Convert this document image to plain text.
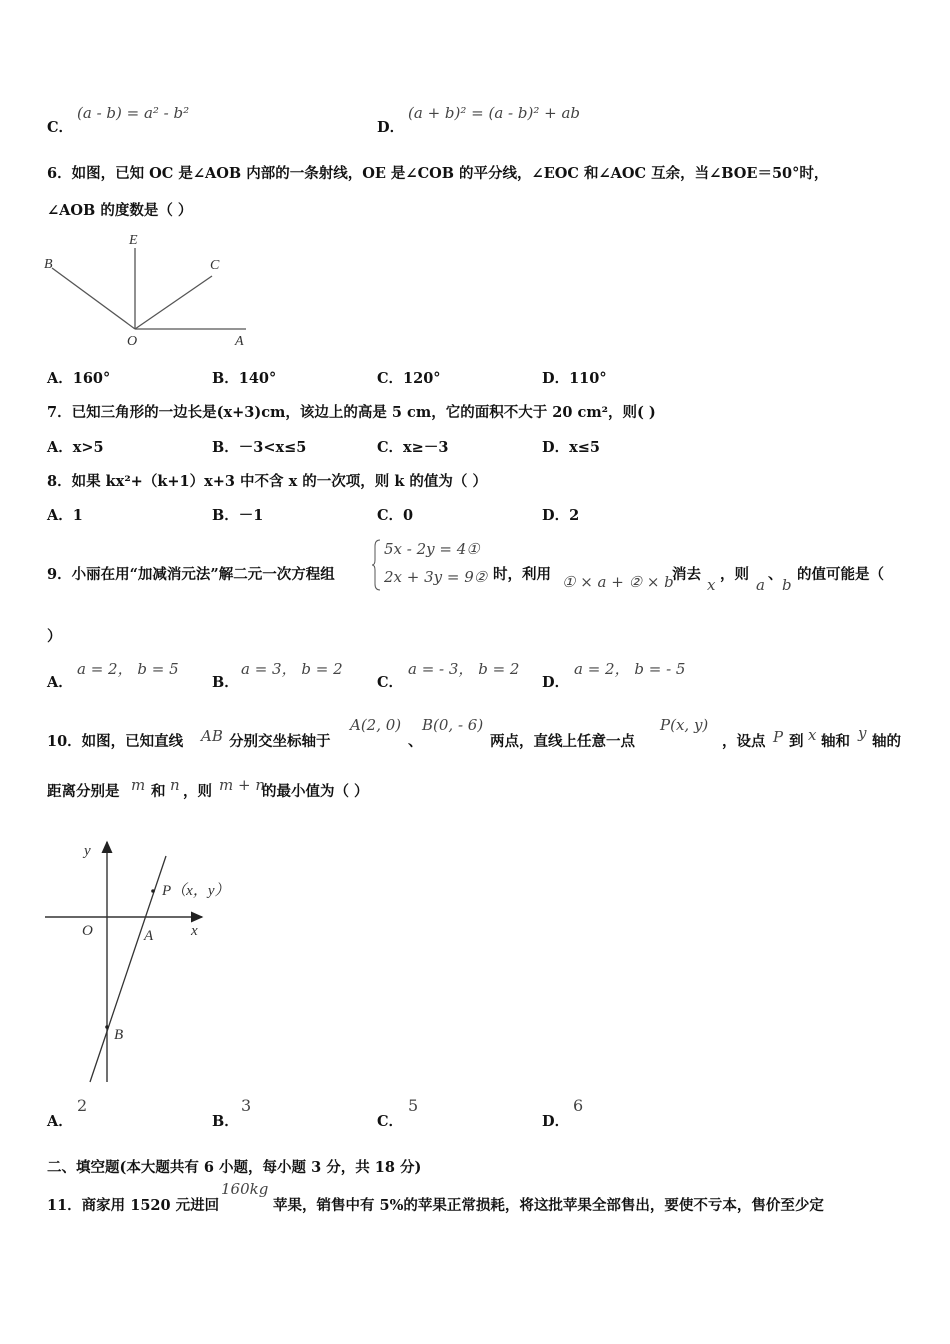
C．
(a - b) = a² - b²
D．
(a + b)² = (a - b)² + ab
6．如图，已知 OC 是∠AOB 内部的一条射线，OE 是∠COB 的平分线，∠EOC 和∠AOC 互余，当∠BOE＝50°时，
∠AOB 的度数是（ ）
B
E
C
O	A
A．160°	B．140°	C．120°	D．110°
7．已知三角形的一边长是(x+3)cm，该边上的高是 5 cm，它的面积不大于 20 cm²，则( )
A．x>5	B．－3<x≤5	C．x≥－3	D．x≤5
8．如果 kx²+（k+1）x+3 中不含 x 的一次项，则 k 的值为（ ）
A．1	B．－1	C．0	D．2
9．小丽在用“加减消元法”解二元一次方程组
5x - 2y = 4①
2x + 3y = 9② 时，利用 ① × a + ② × b
消去
x
，则
a
、
b
的值可能是（
）
A．
a = 2， b = 5
B．
a = 3， b = 2
C．
a = - 3， b = 2
D．
a = 2， b = - 5
10．如图，已知直线 AB 分别交坐标轴于
A(2, 0)
、
B(0, - 6)
两点，直线上任意一点
P(x, y)
，设点 P 到 x 轴和 y 轴的
距离分别是 m 和 n ，则 m + n
的最小值为（ ）
y
P（x，y）
O	A	x
B
A．
2
B．
3
C．
5
D．
6
二、填空题(本大题共有 6 小题，每小题 3 分，共 18 分)
11．商家用 1520 元进回
160kg
苹果，销售中有 5%的苹果正常损耗，将这批苹果全部售出，要使不亏本，售价至少定
